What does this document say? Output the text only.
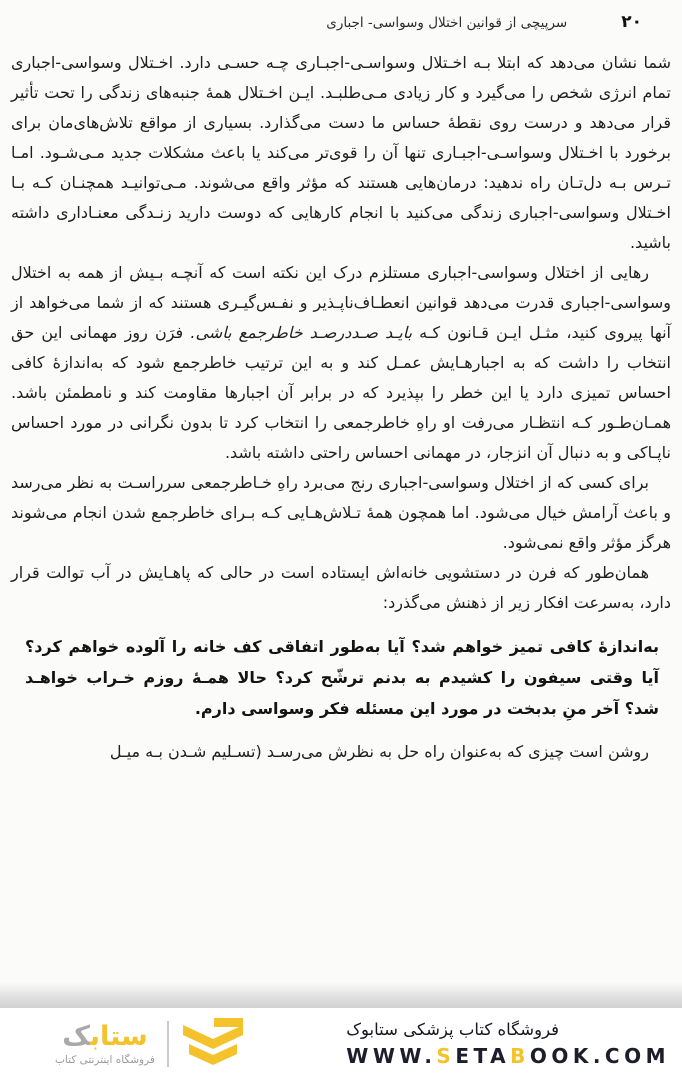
۲۰
سرپیچی از قوانین اختلال وسواسی- اجباری

شما نشان می‌دهد که ابتلا بـه اخـتلال وسواسـی-اجبـاری چـه حسـی دارد. اخـتلال وسواسی-اجباری تمام انرژی شخص را می‌گیرد و کار زیادی مـی‌طلبـد. ایـن اخـتلال همهٔ جنبه‌های زندگی را تحت تأثیر قرار می‌دهد و درست روی نقطهٔ حساس ما دست می‌گذارد. بسیاری از مواقع تلاش‌های‌مان برای برخورد با اخـتلال وسواسـی-اجبـاری تنها آن را قوی‌تر می‌کند یا باعث مشکلات جدید مـی‌شـود. امـا تـرس بـه دل‌تـان راه ندهید: درمان‌هایی هستند که مؤثر واقع می‌شوند. مـی‌توانیـد همچنـان کـه بـا اخـتلال وسواسی-اجباری زندگی می‌کنید با انجام کارهایی که دوست دارید زنـدگی معنـاداری داشته باشید.

رهایی از اختلال وسواسی-اجباری مستلزم درک این نکته است که آنچـه بـیش از همه به اختلال وسواسی-اجباری قدرت می‌دهد قوانین انعطـاف‌ناپـذیر و نفـس‌گیـری هستند که از شما می‌خواهد از آنها پیروی کنید، مثـل ایـن قـانون کـه بایـد صـددرصـد خاطرجمع باشی. فرَن روز مهمانی این حق انتخاب را داشت که به اجبارهـایش عمـل کند و به این ترتیب خاطرجمع شود که به‌اندازهٔ کافی احساس تمیزی دارد یا این خطر را بپذیرد که در برابر آن اجبارها مقاومت کند و نامطمئن باشد. همـان‌طـور کـه انتظـار می‌رفت او راهِ خاطرجمعی را انتخاب کرد تا بدون نگرانی در مورد احساس ناپـاکی و به دنبال آن انزجار، در مهمانی احساس راحتی داشته باشد.

برای کسی که از اختلال وسواسی-اجباری رنج می‌برد راهِ خـاطرجمعی سرراسـت به نظر می‌رسد و باعث آرامش خیال می‌شود. اما همچون همهٔ تـلاش‌هـایی کـه بـرای خاطرجمع شدن انجام می‌شوند هرگز مؤثر واقع نمی‌شود.

همان‌طور که فرن در دستشویی خانه‌اش ایستاده است در حالی که پاهـایش در آب توالت قرار دارد، به‌سرعت افکار زیر از ذهنش می‌گذرد:

به‌اندازهٔ کافی تمیز خواهم شد؟ آیا به‌طور اتفاقی کف خانه را آلوده خواهم کرد؟ آیا وقتی سیفون را کشیدم به بدنم ترشّح کرد؟ حالا همـهٔ روزم خـراب خواهـد شد؟ آخر منِ بدبخت در مورد این مسئله فکر وسواسی دارم.

روشن است چیزی که به‌عنوان راه حل به نظرش می‌رسـد (تسـلیم شـدن بـه میـل

ستابک
فروشگاه اینترنتی کتاب
فروشگاه کتاب پزشکی ستابوک
WWW.SETABOOK.COM
